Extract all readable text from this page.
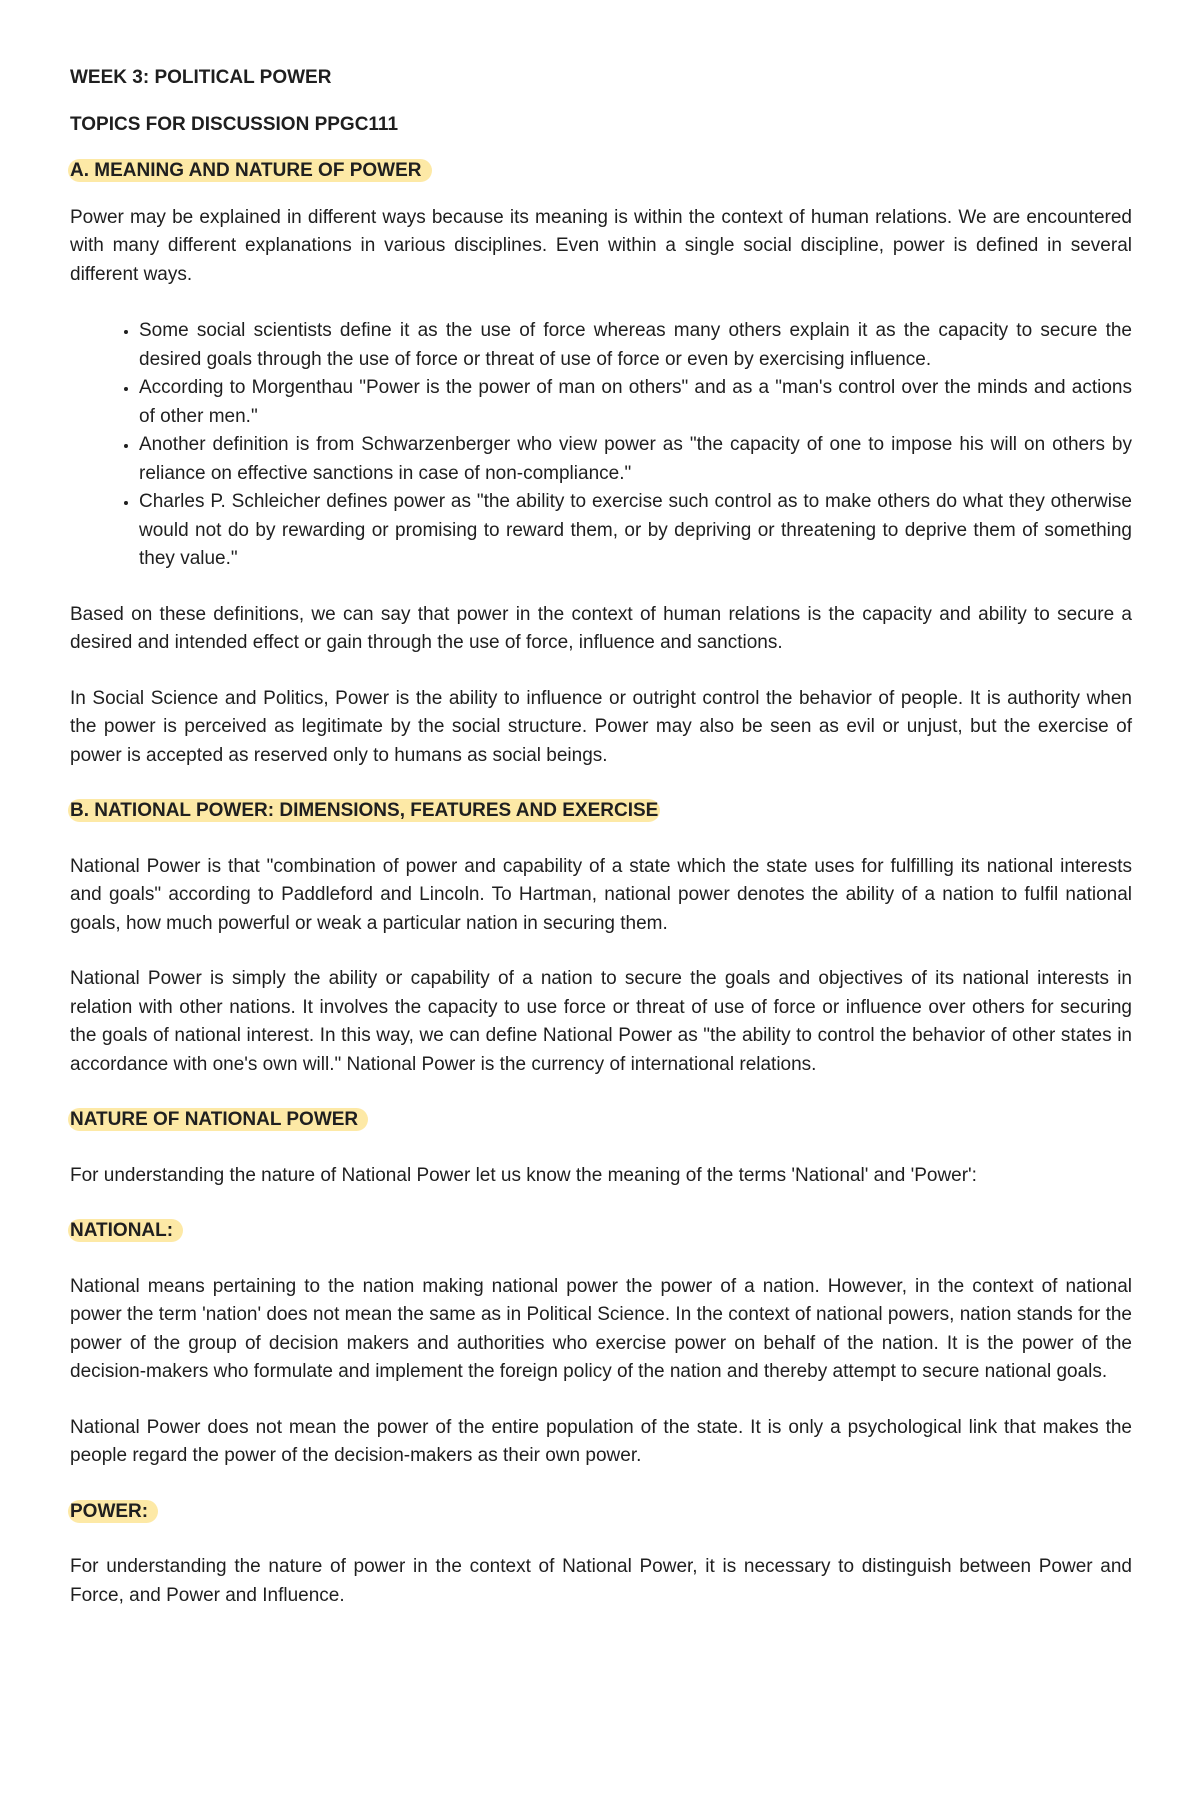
WEEK 3: POLITICAL POWER

TOPICS FOR DISCUSSION PPGC111

A. MEANING AND NATURE OF POWER

Power may be explained in different ways because its meaning is within the context of human relations. We are encountered with many different explanations in various disciplines. Even within a single social discipline, power is defined in several different ways.

• Some social scientists define it as the use of force whereas many others explain it as the capacity to secure the desired goals through the use of force or threat of use of force or even by exercising influence.
• According to Morgenthau "Power is the power of man on others" and as a "man's control over the minds and actions of other men."
• Another definition is from Schwarzenberger who view power as "the capacity of one to impose his will on others by reliance on effective sanctions in case of non-compliance."
• Charles P. Schleicher defines power as "the ability to exercise such control as to make others do what they otherwise would not do by rewarding or promising to reward them, or by depriving or threatening to deprive them of something they value."

Based on these definitions, we can say that power in the context of human relations is the capacity and ability to secure a desired and intended effect or gain through the use of force, influence and sanctions.

In Social Science and Politics, Power is the ability to influence or outright control the behavior of people. It is authority when the power is perceived as legitimate by the social structure. Power may also be seen as evil or unjust, but the exercise of power is accepted as reserved only to humans as social beings.

B. NATIONAL POWER: DIMENSIONS, FEATURES AND EXERCISE

National Power is that "combination of power and capability of a state which the state uses for fulfilling its national interests and goals" according to Paddleford and Lincoln. To Hartman, national power denotes the ability of a nation to fulfil national goals, how much powerful or weak a particular nation in securing them.

National Power is simply the ability or capability of a nation to secure the goals and objectives of its national interests in relation with other nations. It involves the capacity to use force or threat of use of force or influence over others for securing the goals of national interest. In this way, we can define National Power as "the ability to control the behavior of other states in accordance with one's own will." National Power is the currency of international relations.

NATURE OF NATIONAL POWER

For understanding the nature of National Power let us know the meaning of the terms 'National' and 'Power':

NATIONAL:

National means pertaining to the nation making national power the power of a nation. However, in the context of national power the term 'nation' does not mean the same as in Political Science. In the context of national powers, nation stands for the power of the group of decision makers and authorities who exercise power on behalf of the nation. It is the power of the decision-makers who formulate and implement the foreign policy of the nation and thereby attempt to secure national goals.

National Power does not mean the power of the entire population of the state. It is only a psychological link that makes the people regard the power of the decision-makers as their own power.

POWER:

For understanding the nature of power in the context of National Power, it is necessary to distinguish between Power and Force, and Power and Influence.
